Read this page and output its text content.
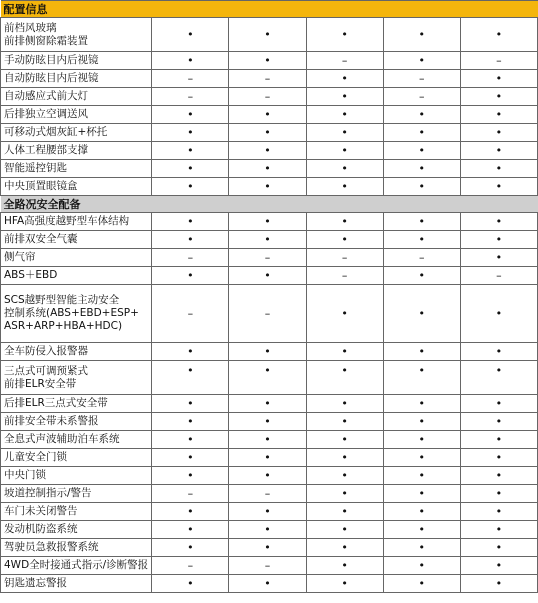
配置信息					

前档风玻璃
前排侧窗除霜装置	•	•	•	•	•

手动防眩目内后视镜	•	•	–	•	–

自动防眩目内后视镜	–	–	•	–	•

自动感应式前大灯	–	–	•	–	•

后排独立空调送风	•	•	•	•	•

可移动式烟灰缸+杯托	•	•	•	•	•

人体工程腰部支撑	•	•	•	•	•

智能遥控钥匙	•	•	•	•	•

中央顶置眼镜盒	•	•	•	•	•
全路况安全配备					

HFA高强度越野型车体结构	•	•	•	•	•

前排双安全气囊	•	•	•	•	•

侧气帘	–	–	–	–	•

ABS＋EBD	•	•	–	•	–

SCS越野型智能主动安全
控制系统(ABS+EBD+ESP+
ASR+ARP+HBA+HDC)	–	–	•	•	•

全车防侵入报警器	•	•	•	•	•

三点式可调预紧式
前排ELR安全带	•	•	•	•	•

后排ELR三点式安全带	•	•	•	•	•

前排安全带未系警报	•	•	•	•	•

全息式声波辅助泊车系统	•	•	•	•	•

儿童安全门锁	•	•	•	•	•

中央门锁	•	•	•	•	•

坡道控制指示/警告	–	–	•	•	•

车门未关闭警告	•	•	•	•	•

发动机防盗系统	•	•	•	•	•

驾驶员急救报警系统	•	•	•	•	•

4WD全时接通式指示/诊断警报	–	–	•	•	•

钥匙遗忘警报	•	•	•	•	•
